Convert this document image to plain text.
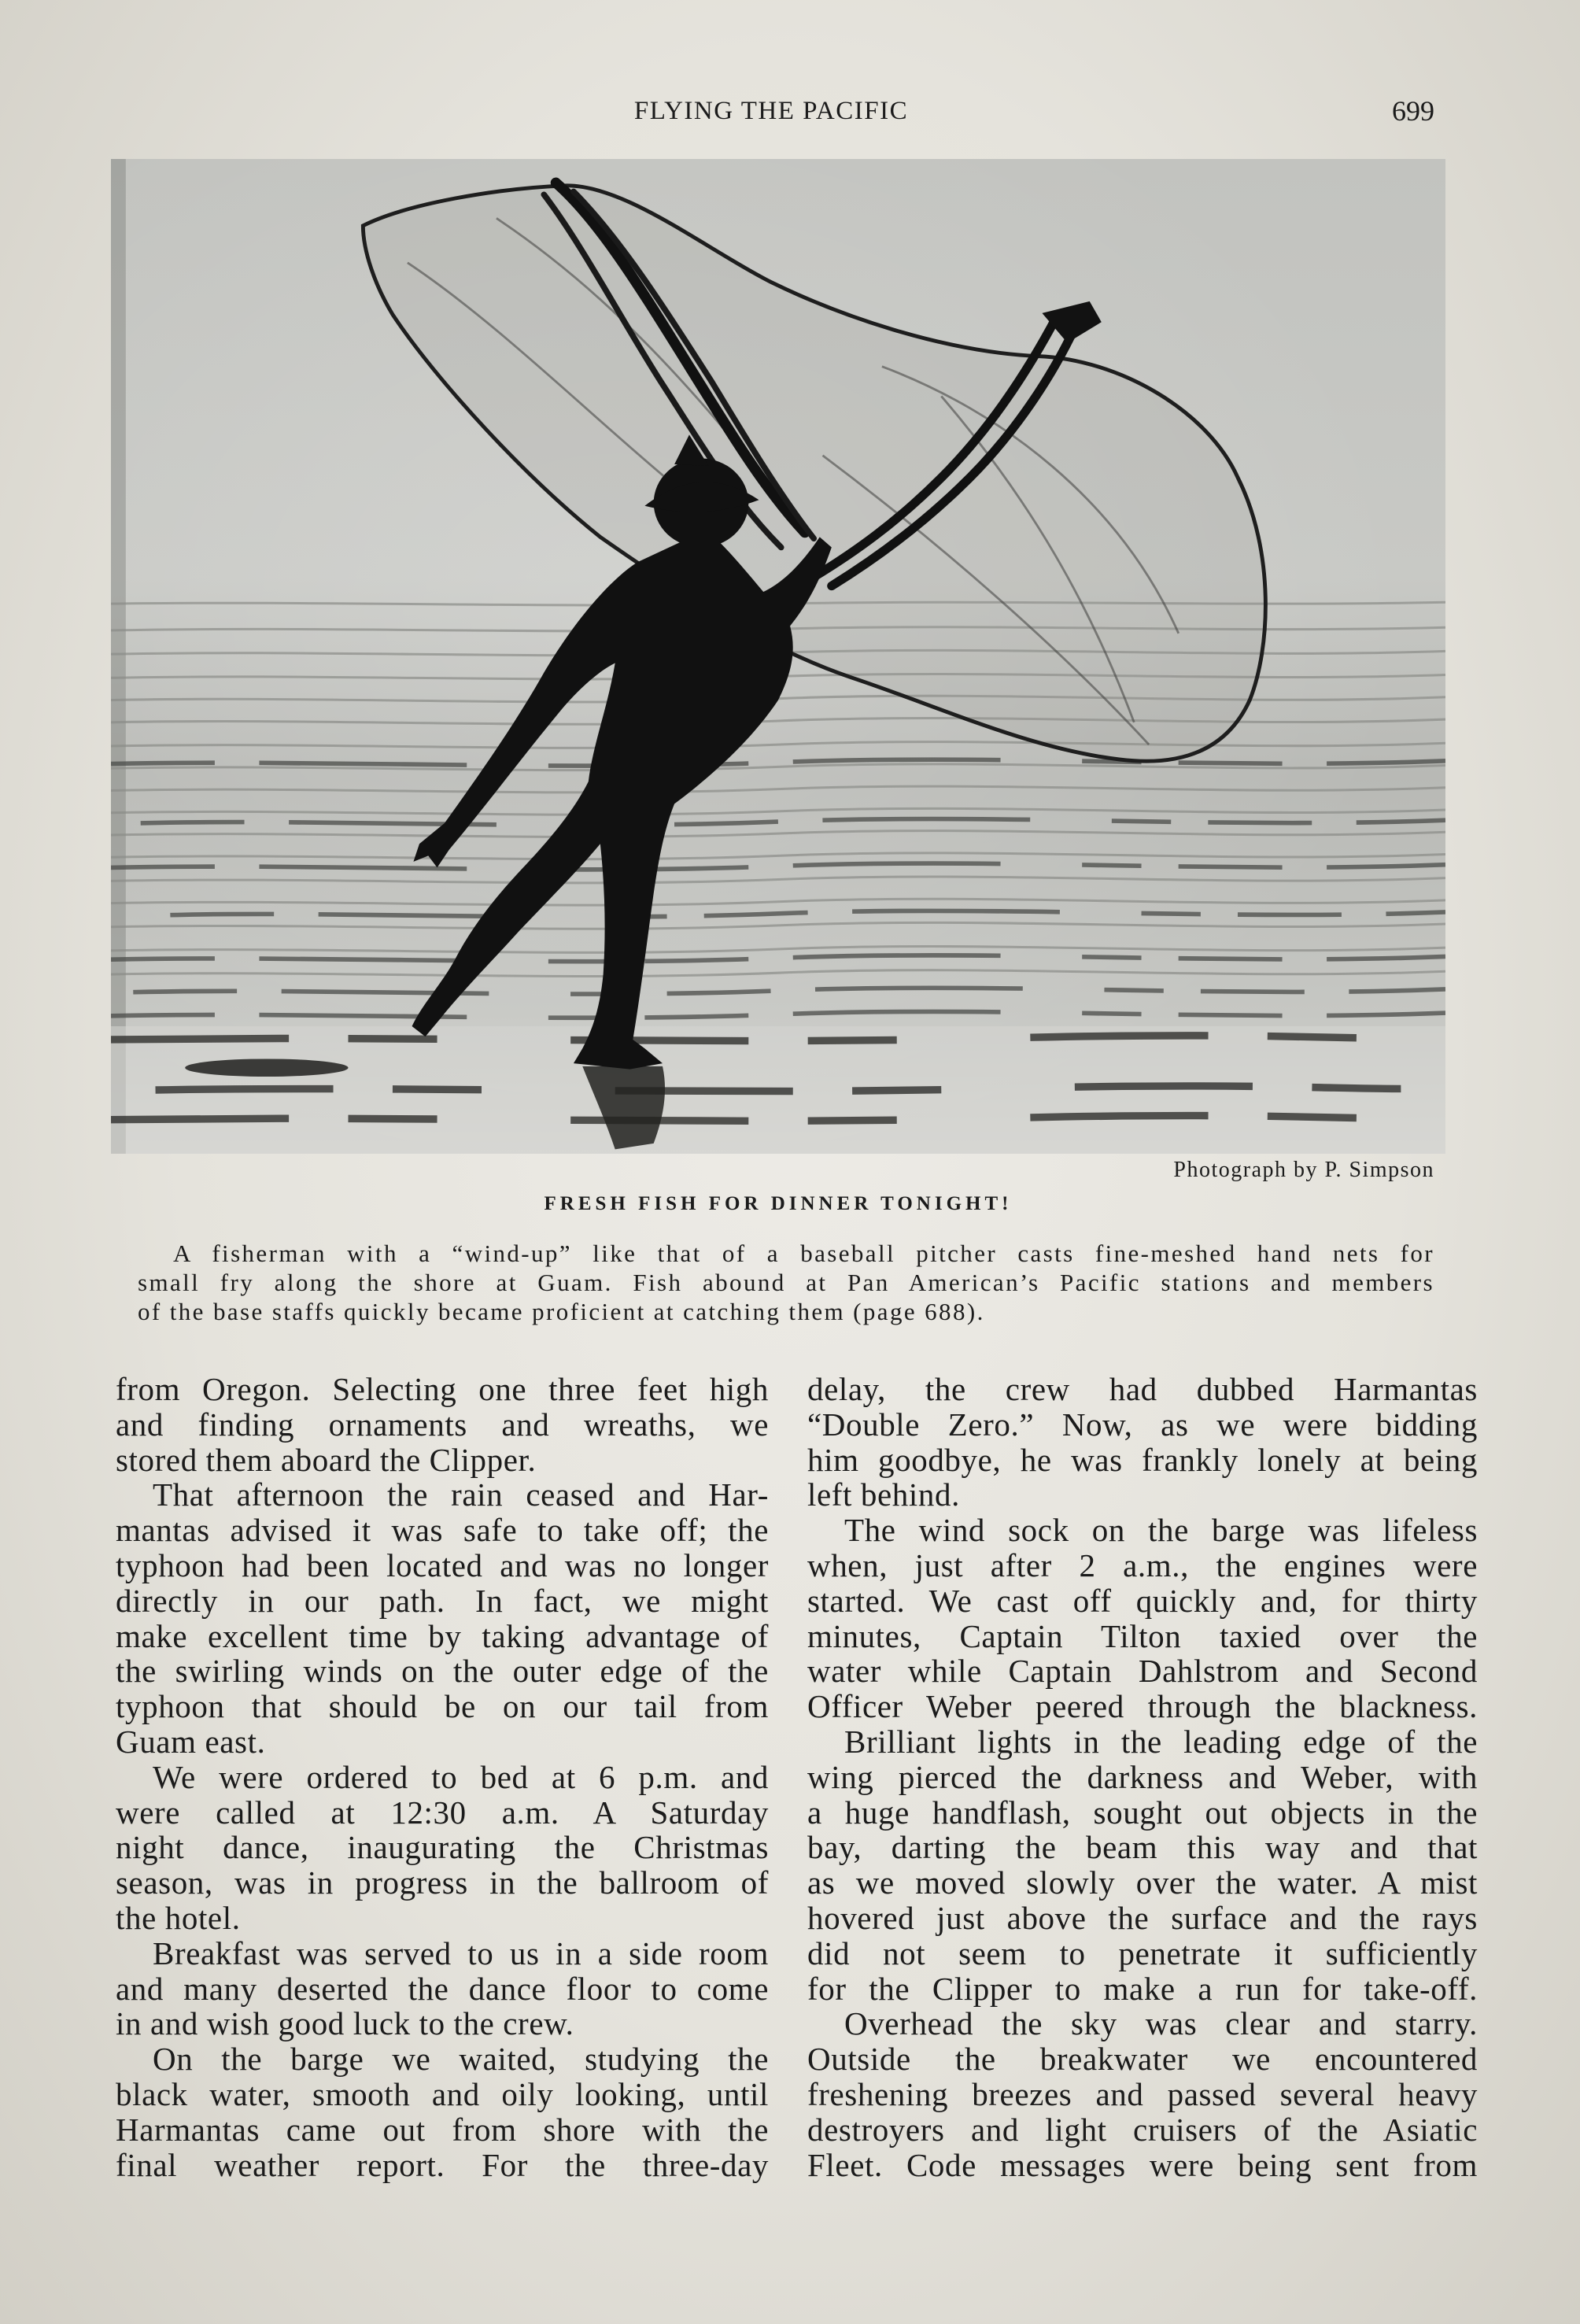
FLYING THE PACIFIC	699
Photograph by P. Simpson
FRESH FISH FOR DINNER TONIGHT!
A fisherman with a “wind-up” like that of a baseball pitcher casts fine-meshed hand nets for
small fry along the shore at Guam. Fish abound at Pan American’s Pacific stations and members
of the base staffs quickly became proficient at catching them (page 688).

from Oregon. Selecting one three feet high
and finding ornaments and wreaths, we
stored them aboard the Clipper.

That afternoon the rain ceased and Har-
mantas advised it was safe to take off; the
typhoon had been located and was no longer
directly in our path. In fact, we might
make excellent time by taking advantage of
the swirling winds on the outer edge of the
typhoon that should be on our tail from
Guam east.

We were ordered to bed at 6 p.m. and
were called at 12:30 a.m. A Saturday
night dance, inaugurating the Christmas
season, was in progress in the ballroom of
the hotel.

Breakfast was served to us in a side room
and many deserted the dance floor to come
in and wish good luck to the crew.

On the barge we waited, studying the
black water, smooth and oily looking, until
Harmantas came out from shore with the
final weather report. For the three-day

delay, the crew had dubbed Harmantas
“Double Zero.” Now, as we were bidding
him goodbye, he was frankly lonely at being
left behind.

The wind sock on the barge was lifeless
when, just after 2 a.m., the engines were
started. We cast off quickly and, for thirty
minutes, Captain Tilton taxied over the
water while Captain Dahlstrom and Second
Officer Weber peered through the blackness.

Brilliant lights in the leading edge of the
wing pierced the darkness and Weber, with
a huge handflash, sought out objects in the
bay, darting the beam this way and that
as we moved slowly over the water. A mist
hovered just above the surface and the rays
did not seem to penetrate it sufficiently
for the Clipper to make a run for take-off.

Overhead the sky was clear and starry.
Outside the breakwater we encountered
freshening breezes and passed several heavy
destroyers and light cruisers of the Asiatic
Fleet. Code messages were being sent from
